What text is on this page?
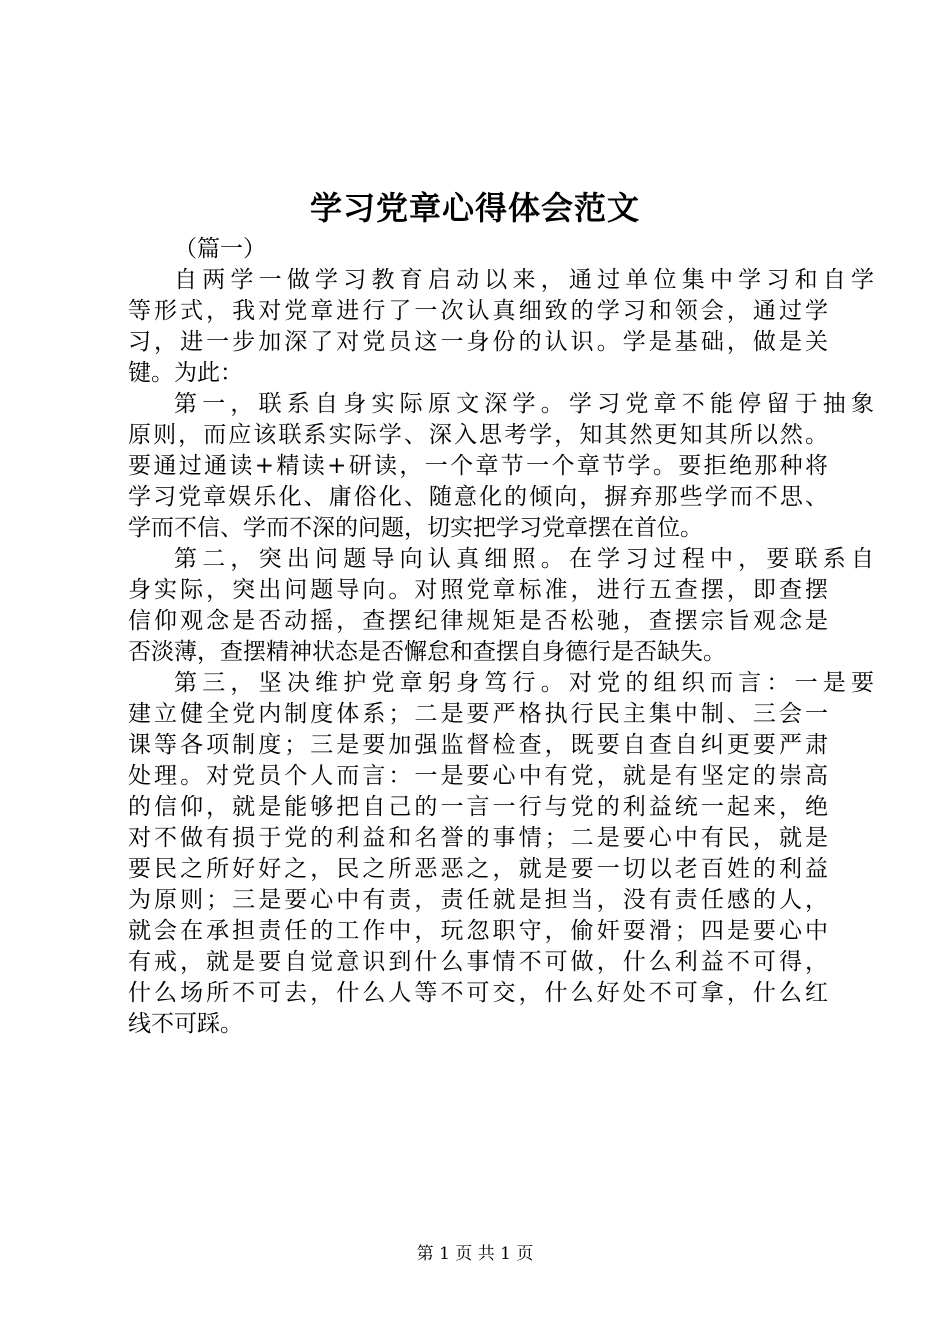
学习党章心得体会范文
（篇一）
自两学一做学习教育启动以来，通过单位集中学习和自学
等形式，我对党章进行了一次认真细致的学习和领会，通过学
习，进一步加深了对党员这一身份的认识。学是基础，做是关
键。为此：
第一，联系自身实际原文深学。学习党章不能停留于抽象
原则，而应该联系实际学、深入思考学，知其然更知其所以然。
要通过通读+精读+研读，一个章节一个章节学。要拒绝那种将
学习党章娱乐化、庸俗化、随意化的倾向，摒弃那些学而不思、
学而不信、学而不深的问题，切实把学习党章摆在首位。
第二，突出问题导向认真细照。在学习过程中，要联系自
身实际，突出问题导向。对照党章标准，进行五查摆，即查摆
信仰观念是否动摇，查摆纪律规矩是否松驰，查摆宗旨观念是
否淡薄，查摆精神状态是否懈怠和查摆自身德行是否缺失。
第三，坚决维护党章躬身笃行。对党的组织而言：一是要
建立健全党内制度体系；二是要严格执行民主集中制、三会一
课等各项制度；三是要加强监督检查，既要自查自纠更要严肃
处理。对党员个人而言：一是要心中有党，就是有坚定的崇高
的信仰，就是能够把自己的一言一行与党的利益统一起来，绝
对不做有损于党的利益和名誉的事情；二是要心中有民，就是
要民之所好好之，民之所恶恶之，就是要一切以老百姓的利益
为原则；三是要心中有责，责任就是担当，没有责任感的人，
就会在承担责任的工作中，玩忽职守，偷奸耍滑；四是要心中
有戒，就是要自觉意识到什么事情不可做，什么利益不可得，
什么场所不可去，什么人等不可交，什么好处不可拿，什么红
线不可踩。
第 1 页 共 1 页
